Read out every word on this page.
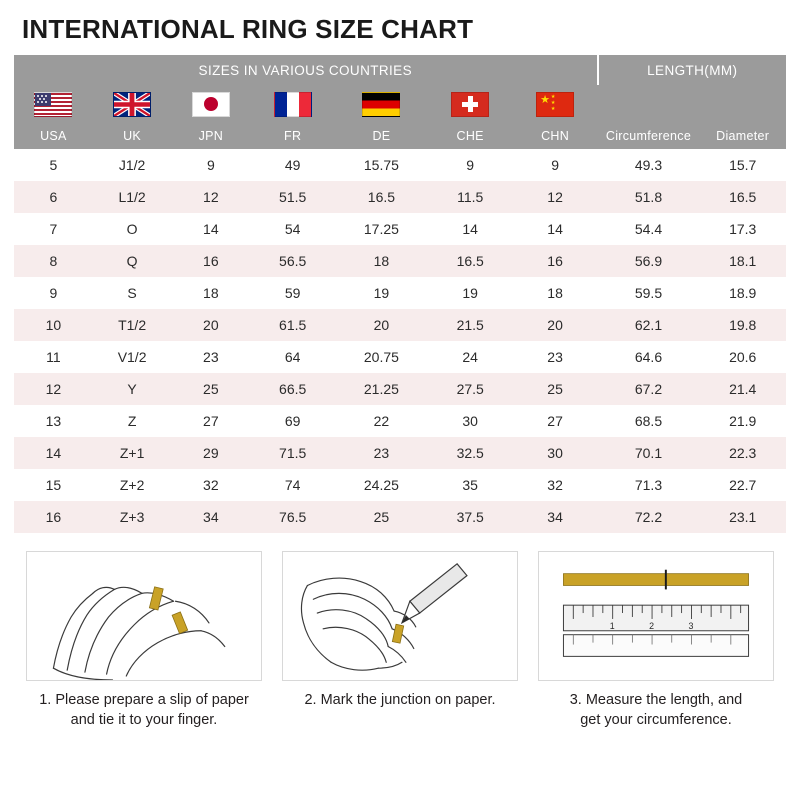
INTERNATIONAL RING SIZE CHART
SIZES IN VARIOUS COUNTRIES							LENGTH(MM)	

					★★★ ★		
USA	UK	JPN	FR	DE	CHE	CHN	Circumference	Diameter
5	J1/2	9	49	15.75	9	9	49.3	15.7
6	L1/2	12	51.5	16.5	11.5	12	51.8	16.5
7	O	14	54	17.25	14	14	54.4	17.3
8	Q	16	56.5	18	16.5	16	56.9	18.1
9	S	18	59	19	19	18	59.5	18.9
10	T1/2	20	61.5	20	21.5	20	62.1	19.8
11	V1/2	23	64	20.75	24	23	64.6	20.6
12	Y	25	66.5	21.25	27.5	25	67.2	21.4
13	Z	27	69	22	30	27	68.5	21.9
14	Z+1	29	71.5	23	32.5	30	70.1	22.3
15	Z+2	32	74	24.25	35	32	71.3	22.7
16	Z+3	34	76.5	25	37.5	34	72.2	23.1
1. Please prepare a slip of paper
and tie it to your finger.
2. Mark the junction on paper.
1	2	3
3. Measure the length, and
get your circumference.
